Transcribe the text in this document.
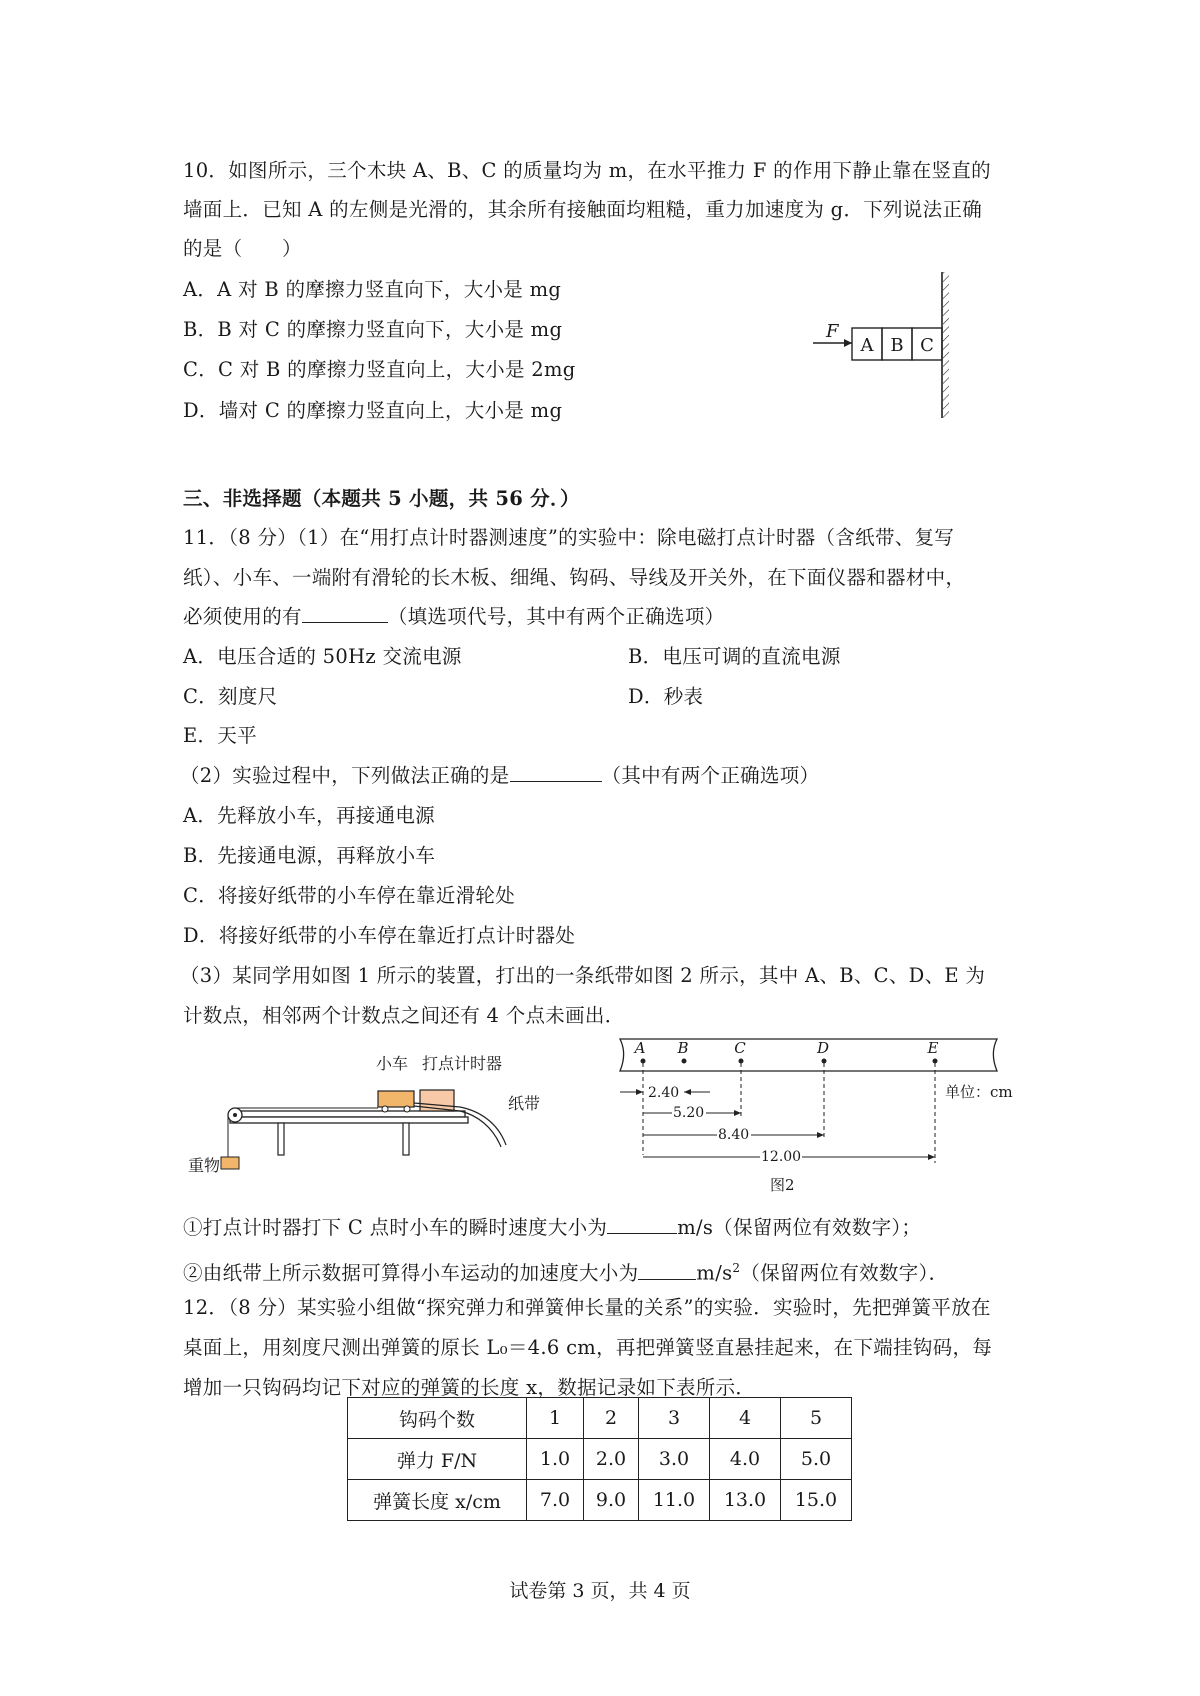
10．如图所示，三个木块 A、B、C 的质量均为 m，在水平推力 F 的作用下静止靠在竖直的
墙面上．已知 A 的左侧是光滑的，其余所有接触面均粗糙，重力加速度为 g．下列说法正确
的是（　　）
A．A 对 B 的摩擦力竖直向下，大小是 mg
B．B 对 C 的摩擦力竖直向下，大小是 mg
C．C 对 B 的摩擦力竖直向上，大小是 2mg
D．墙对 C 的摩擦力竖直向上，大小是 mg
F
A B C
三、非选择题（本题共 5 小题，共 56 分．）
11．（8 分）（1）在“用打点计时器测速度”的实验中：除电磁打点计时器（含纸带、复写
纸）、小车、一端附有滑轮的长木板、细绳、钩码、导线及开关外，在下面仪器和器材中，
必须使用的有	（填选项代号，其中有两个正确选项）
A．电压合适的 50Hz 交流电源	B．电压可调的直流电源
C．刻度尺	D．秒表
E．天平
（2）实验过程中，下列做法正确的是	（其中有两个正确选项）
A．先释放小车，再接通电源
B．先接通电源，再释放小车
C．将接好纸带的小车停在靠近滑轮处
D．将接好纸带的小车停在靠近打点计时器处
（3）某同学用如图 1 所示的装置，打出的一条纸带如图 2 所示，其中 A、B、C、D、E 为
计数点，相邻两个计数点之间还有 4 个点未画出．
小车 打点计时器
纸带
重物
A B	C	D	E
2.40
5.20
8.40
12.00
单位：cm
图2
①打点计时器打下 C 点时小车的瞬时速度大小为	m/s（保留两位有效数字）；
②由纸带上所示数据可算得小车运动的加速度大小为	$m/s^2$（保留两位有效数字）．
12．（8 分）某实验小组做“探究弹力和弹簧伸长量的关系”的实验．实验时，先把弹簧平放在
桌面上，用刻度尺测出弹簧的原长 L₀＝4.6 cm，再把弹簧竖直悬挂起来，在下端挂钩码，每
增加一只钩码均记下对应的弹簧的长度 x，数据记录如下表所示．
钩码个数	1	2	3	4	5
弹力 F/N	1.0	2.0	3.0	4.0	5.0
弹簧长度 x/cm	7.0	9.0	11.0	13.0	15.0
试卷第 3 页，共 4 页
